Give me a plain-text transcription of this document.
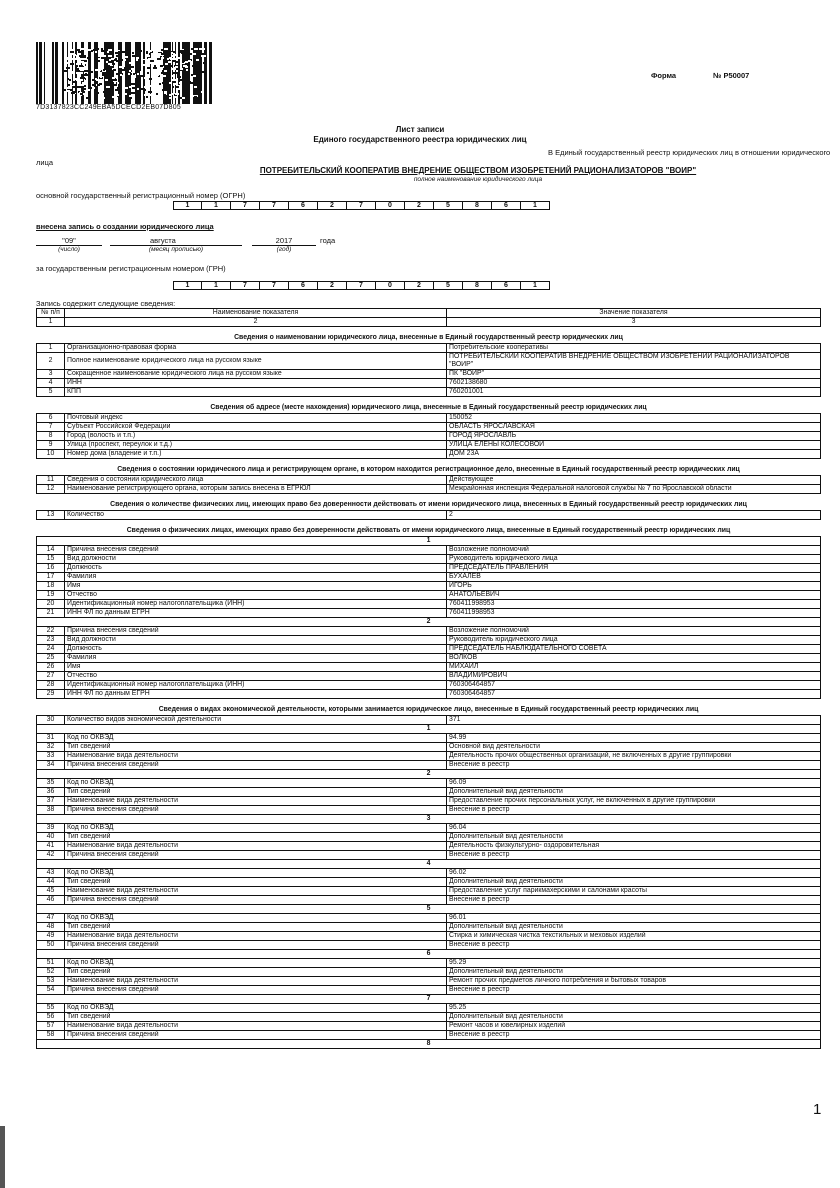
7D3137823CC249EBA5DCECD2EB07D805
Форма	№ Р50007
Лист записи
Единого государственного реестра юридических лиц
В Единый государственный реестр юридических лиц в отношении юридического
лица
ПОТРЕБИТЕЛЬСКИЙ КООПЕРАТИВ ВНЕДРЕНИЕ ОБЩЕСТВОМ ИЗОБРЕТЕНИЙ РАЦИОНАЛИЗАТОРОВ "ВОИР"
полное наименование юридического лица
основной государственный регистрационный номер (ОГРН)
1	1	7	7	6	2	7	0	2	5	8	6	1
внесена запись о создании юридического лица
"09"	августа	2017	года
(число)	(месяц прописью)	(год)
за государственным регистрационным номером (ГРН)
1	1	7	7	6	2	7	0	2	5	8	6	1
Запись содержит следующие сведения:
№ п/п	Наименование показателя	Значение показателя
1	2	3
Сведения о наименовании юридического лица, внесенные в Единый государственный реестр юридических лиц		
1	Организационно-правовая форма	Потребительские кооперативы
2	Полное наименование юридического лица на русском языке	ПОТРЕБИТЕЛЬСКИЙ КООПЕРАТИВ ВНЕДРЕНИЕ ОБЩЕСТВОМ ИЗОБРЕТЕНИЙ РАЦИОНАЛИЗАТОРОВ
"ВОИР"

3	Сокращенное наименование юридического лица на русском языке	ПК "ВОИР"
4	ИНН	7602138680
5	КПП	760201001
Сведения об адресе (месте нахождения) юридического лица, внесенные в Единый государственный реестр юридических лиц		
6	Почтовый индекс	150052
7	Субъект Российской Федерации	ОБЛАСТЬ ЯРОСЛАВСКАЯ
8	Город (волость и т.п.)	ГОРОД ЯРОСЛАВЛЬ
9	Улица (проспект, переулок и т.д.)	УЛИЦА ЕЛЕНЫ КОЛЕСОВОЙ
10	Номер дома (владение и т.п.)	ДОМ 23А
Сведения о состоянии юридического лица и регистрирующем органе, в котором находится регистрационное дело, внесенные в Единый государственный реестр юридических лиц		
11	Сведения о состоянии юридического лица	Действующее
12	Наименование регистрирующего органа, которым запись внесена в ЕГРЮЛ	Межрайонная инспекция Федеральной налоговой службы № 7 по Ярославской области
Сведения о количестве физических лиц, имеющих право без доверенности действовать от имени юридического лица, внесенных в Единый государственный реестр юридических лиц		
13	Количество	2
Сведения о физических лицах, имеющих право без доверенности действовать от имени юридического лица, внесенные в Единый государственный реестр юридических лиц		
1		
14	Причина внесения сведений	Возложение полномочий
15	Вид должности	Руководитель юридического лица
16	Должность	ПРЕДСЕДАТЕЛЬ ПРАВЛЕНИЯ
17	Фамилия	БУХАЛЕВ
18	Имя	ИГОРЬ
19	Отчество	АНАТОЛЬЕВИЧ
20	Идентификационный номер налогоплательщика (ИНН)	760411998953
21	ИНН ФЛ по данным ЕГРН	760411998953
2		
22	Причина внесения сведений	Возложение полномочий
23	Вид должности	Руководитель юридического лица
24	Должность	ПРЕДСЕДАТЕЛЬ НАБЛЮДАТЕЛЬНОГО СОВЕТА
25	Фамилия	ВОЛКОВ
26	Имя	МИХАИЛ
27	Отчество	ВЛАДИМИРОВИЧ
28	Идентификационный номер налогоплательщика (ИНН)	760306464857
29	ИНН ФЛ по данным ЕГРН	760306464857
Сведения о видах экономической деятельности, которыми занимается юридическое лицо, внесенные в Единый государственный реестр юридических лиц		
30	Количество видов экономической деятельности	371
1		
31	Код по ОКВЭД	94.99
32	Тип сведений	Основной вид деятельности
33	Наименование вида деятельности	Деятельность прочих общественных организаций, не включенных в другие группировки
34	Причина внесения сведений	Внесение в реестр
2		
35	Код по ОКВЭД	96.09
36	Тип сведений	Дополнительный вид деятельности
37	Наименование вида деятельности	Предоставление прочих персональных услуг, не включенных в другие группировки
38	Причина внесения сведений	Внесение в реестр
3		
39	Код по ОКВЭД	96.04
40	Тип сведений	Дополнительный вид деятельности
41	Наименование вида деятельности	Деятельность физкультурно- оздоровительная
42	Причина внесения сведений	Внесение в реестр
4		
43	Код по ОКВЭД	96.02
44	Тип сведений	Дополнительный вид деятельности
45	Наименование вида деятельности	Предоставление услуг парикмахерскими и салонами красоты
46	Причина внесения сведений	Внесение в реестр
5		
47	Код по ОКВЭД	96.01
48	Тип сведений	Дополнительный вид деятельности
49	Наименование вида деятельности	Стирка и химическая чистка текстильных и меховых изделий
50	Причина внесения сведений	Внесение в реестр
6		
51	Код по ОКВЭД	95.29
52	Тип сведений	Дополнительный вид деятельности
53	Наименование вида деятельности	Ремонт прочих предметов личного потребления и бытовых товаров
54	Причина внесения сведений	Внесение в реестр
7		
55	Код по ОКВЭД	95.25
56	Тип сведений	Дополнительный вид деятельности
57	Наименование вида деятельности	Ремонт часов и ювелирных изделий
58	Причина внесения сведений	Внесение в реестр
8		
1
